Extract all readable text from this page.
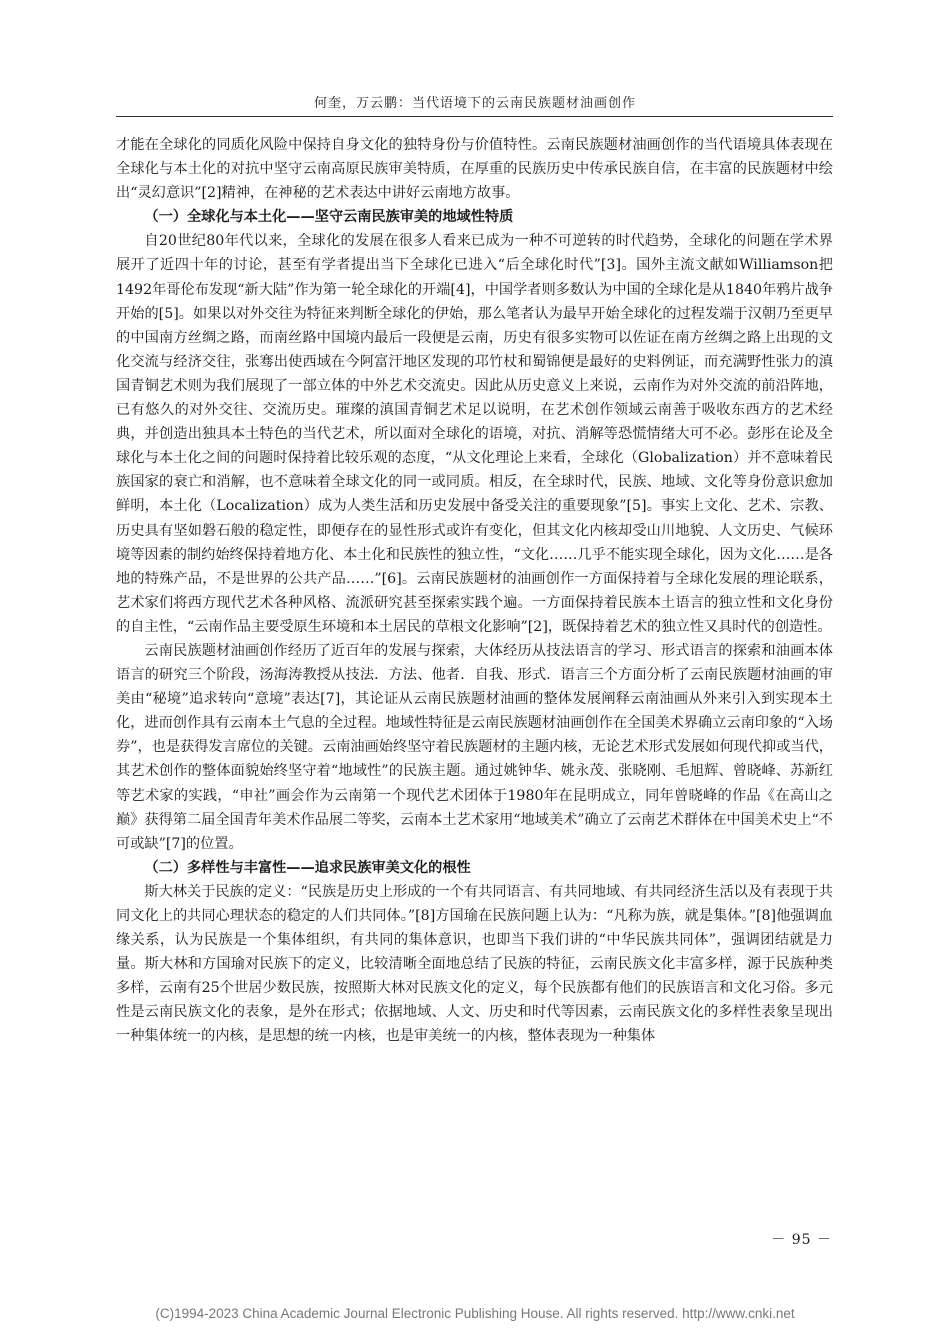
何奎，万云鹏：当代语境下的云南民族题材油画创作

才能在全球化的同质化风险中保持自身文化的独特身份与价值特性。云南民族题材油画创作的当代语境具体表现在全球化与本土化的对抗中坚守云南高原民族审美特质，在厚重的民族历史中传承民族自信，在丰富的民族题材中绘出“灵幻意识”[2]精神，在神秘的艺术表达中讲好云南地方故事。

（一）全球化与本土化——坚守云南民族审美的地域性特质

自20世纪80年代以来，全球化的发展在很多人看来已成为一种不可逆转的时代趋势，全球化的问题在学术界展开了近四十年的讨论，甚至有学者提出当下全球化已进入“后全球化时代”[3]。国外主流文献如Williamson把1492年哥伦布发现“新大陆”作为第一轮全球化的开端[4]，中国学者则多数认为中国的全球化是从1840年鸦片战争开始的[5]。如果以对外交往为特征来判断全球化的伊始，那么笔者认为最早开始全球化的过程发端于汉朝乃至更早的中国南方丝绸之路，而南丝路中国境内最后一段便是云南，历史有很多实物可以佐证在南方丝绸之路上出现的文化交流与经济交往，张骞出使西域在今阿富汗地区发现的邛竹杖和蜀锦便是最好的史料例证，而充满野性张力的滇国青铜艺术则为我们展现了一部立体的中外艺术交流史。因此从历史意义上来说，云南作为对外交流的前沿阵地，已有悠久的对外交往、交流历史。璀璨的滇国青铜艺术足以说明，在艺术创作领域云南善于吸收东西方的艺术经典，并创造出独具本土特色的当代艺术，所以面对全球化的语境，对抗、消解等恐慌情绪大可不必。彭彤在论及全球化与本土化之间的问题时保持着比较乐观的态度，“从文化理论上来看，全球化（Globalization）并不意味着民族国家的衰亡和消解，也不意味着全球文化的同一或同质。相反，在全球时代，民族、地域、文化等身份意识愈加鲜明，本土化（Localization）成为人类生活和历史发展中备受关注的重要现象”[5]。事实上文化、艺术、宗教、历史具有坚如磐石般的稳定性，即便存在的显性形式或许有变化，但其文化内核却受山川地貌、人文历史、气候环境等因素的制约始终保持着地方化、本土化和民族性的独立性，“文化……几乎不能实现全球化，因为文化……是各地的特殊产品，不是世界的公共产品……”[6]。云南民族题材的油画创作一方面保持着与全球化发展的理论联系，艺术家们将西方现代艺术各种风格、流派研究甚至探索实践个遍。一方面保持着民族本土语言的独立性和文化身份的自主性，“云南作品主要受原生环境和本土居民的草根文化影响”[2]，既保持着艺术的独立性又具时代的创造性。

云南民族题材油画创作经历了近百年的发展与探索，大体经历从技法语言的学习、形式语言的探索和油画本体语言的研究三个阶段，汤海涛教授从技法．方法、他者．自我、形式．语言三个方面分析了云南民族题材油画的审美由“秘境”追求转向“意境”表达[7]，其论证从云南民族题材油画的整体发展阐释云南油画从外来引入到实现本土化，进而创作具有云南本土气息的全过程。地域性特征是云南民族题材油画创作在全国美术界确立云南印象的“入场券”，也是获得发言席位的关键。云南油画始终坚守着民族题材的主题内核，无论艺术形式发展如何现代抑或当代，其艺术创作的整体面貌始终坚守着“地域性”的民族主题。通过姚钟华、姚永茂、张晓刚、毛旭辉、曾晓峰、苏新红等艺术家的实践，“申社”画会作为云南第一个现代艺术团体于1980年在昆明成立，同年曾晓峰的作品《在高山之巅》获得第二届全国青年美术作品展二等奖，云南本土艺术家用“地域美术”确立了云南艺术群体在中国美术史上“不可或缺”[7]的位置。

（二）多样性与丰富性——追求民族审美文化的根性

斯大林关于民族的定义：“民族是历史上形成的一个有共同语言、有共同地域、有共同经济生活以及有表现于共同文化上的共同心理状态的稳定的人们共同体。”[8]方国瑜在民族问题上认为：“凡称为族，就是集体。”[8]他强调血缘关系，认为民族是一个集体组织，有共同的集体意识，也即当下我们讲的“中华民族共同体”，强调团结就是力量。斯大林和方国瑜对民族下的定义，比较清晰全面地总结了民族的特征，云南民族文化丰富多样，源于民族种类多样，云南有25个世居少数民族，按照斯大林对民族文化的定义，每个民族都有他们的民族语言和文化习俗。多元性是云南民族文化的表象，是外在形式；依据地域、人文、历史和时代等因素，云南民族文化的多样性表象呈现出一种集体统一的内核，是思想的统一内核，也是审美统一的内核，整体表现为一种集体

－ 95 －
(C)1994-2023 China Academic Journal Electronic Publishing House. All rights reserved. http://www.cnki.net
